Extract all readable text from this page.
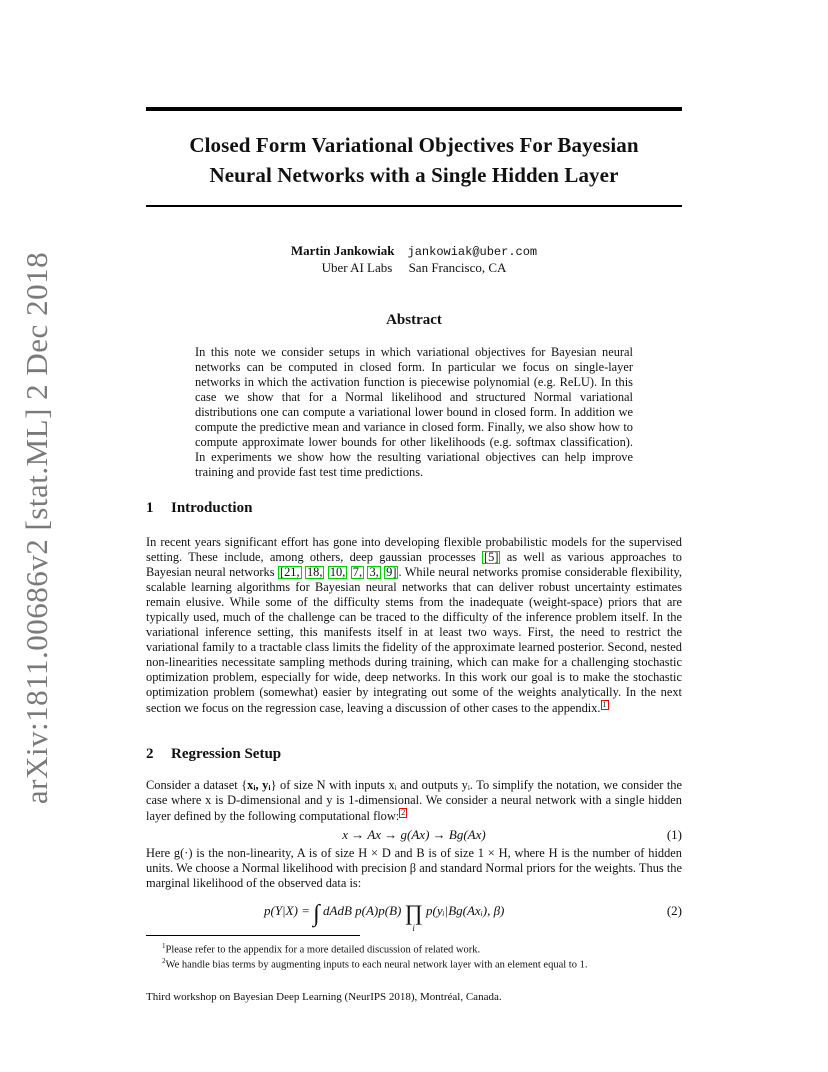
arXiv:1811.00686v2 [stat.ML] 2 Dec 2018
Closed Form Variational Objectives For Bayesian
Neural Networks with a Single Hidden Layer
Martin Jankowiak jankowiak@uber.com
Uber AI Labs San Francisco, CA
Abstract
In this note we consider setups in which variational objectives for Bayesian neural networks can be computed in closed form. In particular we focus on single-layer networks in which the activation function is piecewise polynomial (e.g. ReLU). In this case we show that for a Normal likelihood and structured Normal variational distributions one can compute a variational lower bound in closed form. In addition we compute the predictive mean and variance in closed form. Finally, we also show how to compute approximate lower bounds for other likelihoods (e.g. softmax classification). In experiments we show how the resulting variational objectives can help improve training and provide fast test time predictions.
1 Introduction
In recent years significant effort has gone into developing flexible probabilistic models for the supervised setting. These include, among others, deep gaussian processes [5] as well as various approaches to Bayesian neural networks [21, 18, 10, 7, 3, 9] . While neural networks promise considerable flexibility, scalable learning algorithms for Bayesian neural networks that can deliver robust uncertainty estimates remain elusive. While some of the difficulty stems from the inadequate (weight-space) priors that are typically used, much of the challenge can be traced to the difficulty of the inference problem itself. In the variational inference setting, this manifests itself in at least two ways. First, the need to restrict the variational family to a tractable class limits the fidelity of the approximate learned posterior. Second, nested non-linearities necessitate sampling methods during training, which can make for a challenging stochastic optimization problem, especially for wide, deep networks. In this work our goal is to make the stochastic optimization problem (somewhat) easier by integrating out some of the weights analytically. In the next section we focus on the regression case, leaving a discussion of other cases to the appendix. 1
2 Regression Setup
Consider a dataset {xᵢ, yᵢ} of size N with inputs xᵢ and outputs yᵢ. To simplify the notation, we consider the case where x is D-dimensional and y is 1-dimensional. We consider a neural network with a single hidden layer defined by the following computational flow: 2
x → Ax → g(Ax) → Bg(Ax)	(1)
Here g(·) is the non-linearity, A is of size H × D and B is of size 1 × H, where H is the number of hidden units. We choose a Normal likelihood with precision β and standard Normal priors for the weights. Thus the marginal likelihood of the observed data is:
p(Y|X) = ∫ dAdB p(A)p(B) ∏
i
p(yᵢ|Bg(Axᵢ), β)	(2)
$^1$Please refer to the appendix for a more detailed discussion of related work.
$^2$We handle bias terms by augmenting inputs to each neural network layer with an element equal to 1.
Third workshop on Bayesian Deep Learning (NeurIPS 2018), Montréal, Canada.
